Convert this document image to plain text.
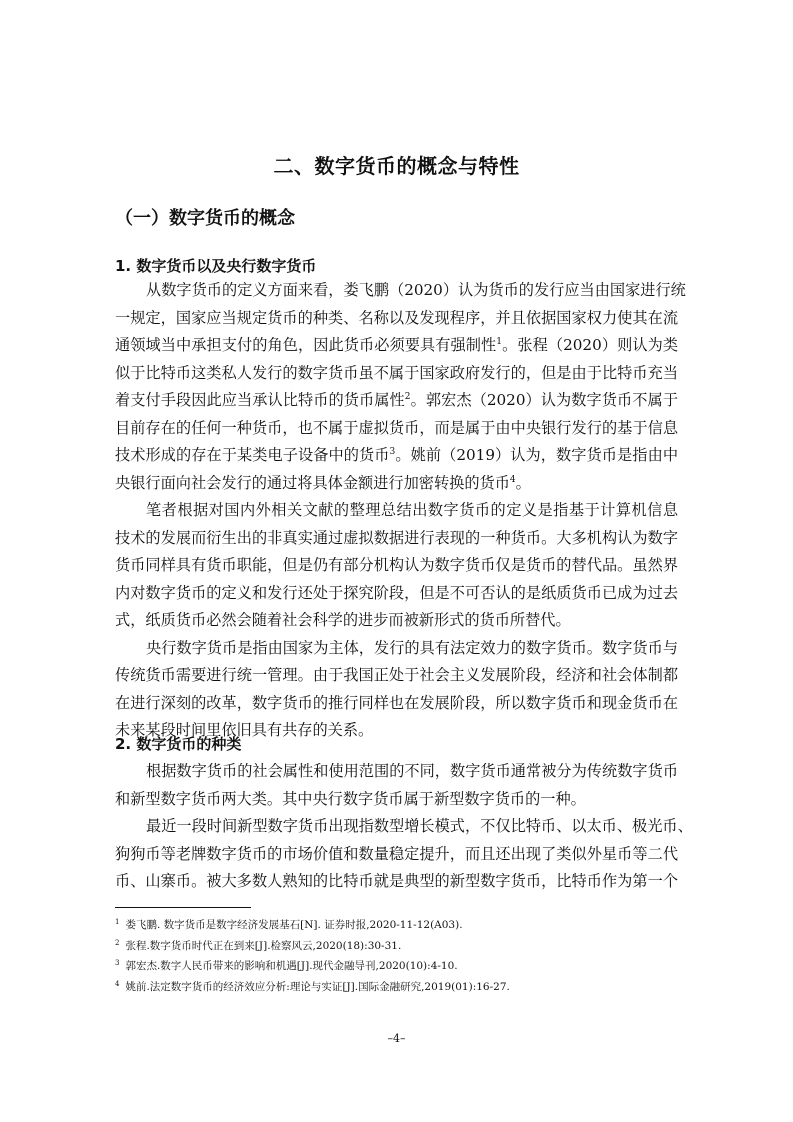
二、数字货币的概念与特性
（一）数字货币的概念
1. 数字货币以及央行数字货币
从数字货币的定义方面来看，娄飞鹏（2020）认为货币的发行应当由国家进行统
一规定，国家应当规定货币的种类、名称以及发现程序，并且依据国家权力使其在流
通领域当中承担支付的角色，因此货币必须要具有强制性$^1$。张程（2020）则认为类
似于比特币这类私人发行的数字货币虽不属于国家政府发行的，但是由于比特币充当
着支付手段因此应当承认比特币的货币属性$^2$。郭宏杰（2020）认为数字货币不属于
目前存在的任何一种货币，也不属于虚拟货币，而是属于由中央银行发行的基于信息
技术形成的存在于某类电子设备中的货币$^3$。姚前（2019）认为，数字货币是指由中
央银行面向社会发行的通过将具体金额进行加密转换的货币$^4$。
笔者根据对国内外相关文献的整理总结出数字货币的定义是指基于计算机信息
技术的发展而衍生出的非真实通过虚拟数据进行表现的一种货币。大多机构认为数字
货币同样具有货币职能，但是仍有部分机构认为数字货币仅是货币的替代品。虽然界
内对数字货币的定义和发行还处于探究阶段，但是不可否认的是纸质货币已成为过去
式，纸质货币必然会随着社会科学的进步而被新形式的货币所替代。
央行数字货币是指由国家为主体，发行的具有法定效力的数字货币。数字货币与
传统货币需要进行统一管理。由于我国正处于社会主义发展阶段，经济和社会体制都
在进行深刻的改革，数字货币的推行同样也在发展阶段，所以数字货币和现金货币在
未来某段时间里依旧具有共存的关系。
2. 数字货币的种类
根据数字货币的社会属性和使用范围的不同，数字货币通常被分为传统数字货币
和新型数字货币两大类。其中央行数字货币属于新型数字货币的一种。
最近一段时间新型数字货币出现指数型增长模式，不仅比特币、以太币、极光币、
狗狗币等老牌数字货币的市场价值和数量稳定提升，而且还出现了类似外星币等二代
币、山寨币。被大多数人熟知的比特币就是典型的新型数字货币，比特币作为第一个
$^1$ 娄飞鹏. 数字货币是数字经济发展基石[N]. 证券时报,2020-11-12(A03).
$^2$ 张程.数字货币时代正在到来[J].检察风云,2020(18):30-31.
$^3$ 郭宏杰.数字人民币带来的影响和机遇[J].现代金融导刊,2020(10):4-10.
$^4$ 姚前.法定数字货币的经济效应分析:理论与实证[J].国际金融研究,2019(01):16-27.
–4–
